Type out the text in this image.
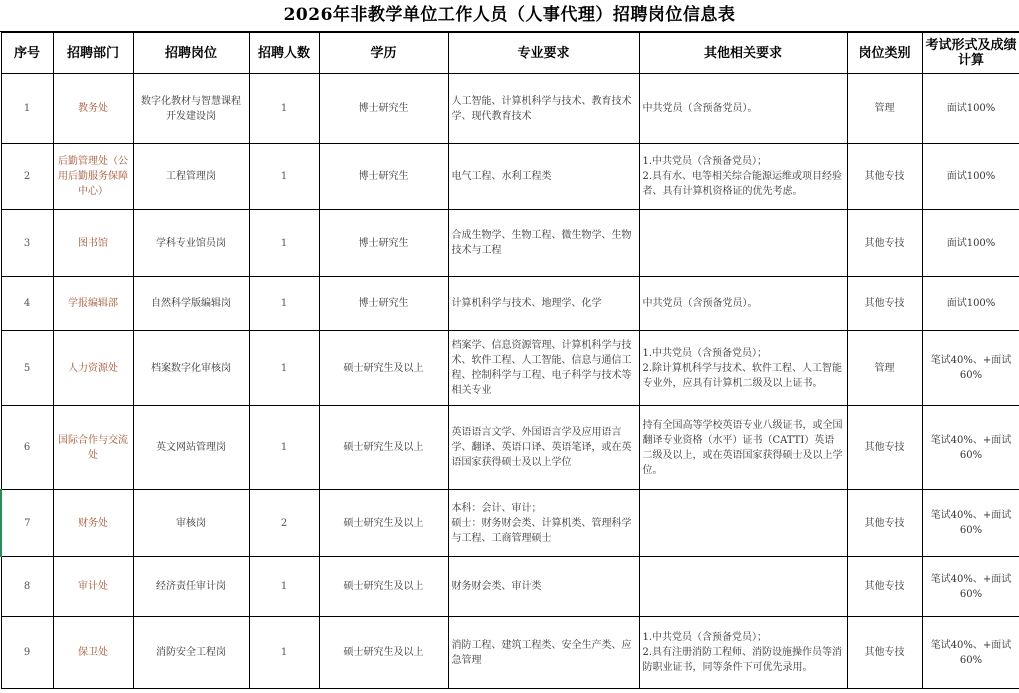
2026年非教学单位工作人员（人事代理）招聘岗位信息表
序号	招聘部门	招聘岗位	招聘人数	学历	专业要求	其他相关要求	岗位类别	考试形式及成绩计算
1	教务处	数字化教材与智慧课程开发建设岗	1	博士研究生	人工智能、计算机科学与技术、教育技术学、现代教育技术	中共党员（含预备党员）。	管理	面试100%
2	后勤管理处（公用后勤服务保障中心）	工程管理岗	1	博士研究生	电气工程、水利工程类	1.中共党员（含预备党员）；
2.具有水、电等相关综合能源运维或项目经验者、具有计算机资格证的优先考虑。	其他专技	面试100%
3	图书馆	学科专业馆员岗	1	博士研究生	合成生物学、生物工程、微生物学、生物技术与工程		其他专技	面试100%
4	学报编辑部	自然科学版编辑岗	1	博士研究生	计算机科学与技术、地理学、化学	中共党员（含预备党员）。	其他专技	面试100%
5	人力资源处	档案数字化审核岗	1	硕士研究生及以上	档案学、信息资源管理、计算机科学与技术、软件工程、人工智能、信息与通信工程、控制科学与工程、电子科学与技术等相关专业	1.中共党员（含预备党员）；
2.除计算机科学与技术、软件工程、人工智能专业外，应具有计算机二级及以上证书。	管理	笔试40%、+面试60%
6	国际合作与交流处	英文网站管理岗	1	硕士研究生及以上	英语语言文学、外国语言学及应用语言学、翻译、英语口译、英语笔译，或在英语国家获得硕士及以上学位	持有全国高等学校英语专业八级证书，或全国翻译专业资格（水平）证书（CATTI）英语二级及以上，或在英语国家获得硕士及以上学位。	其他专技	笔试40%、+面试60%
7	财务处	审核岗	2	硕士研究生及以上	本科：会计、审计；
硕士：财务财会类、计算机类、管理科学与工程、工商管理硕士		其他专技	笔试40%、+面试60%
8	审计处	经济责任审计岗	1	硕士研究生及以上	财务财会类、审计类		其他专技	笔试40%、+面试60%
9	保卫处	消防安全工程岗	1	硕士研究生及以上	消防工程、建筑工程类、安全生产类、应急管理	1.中共党员（含预备党员）；
2.具有注册消防工程师、消防设施操作员等消防职业证书，同等条件下可优先录用。	其他专技	笔试40%、+面试60%
